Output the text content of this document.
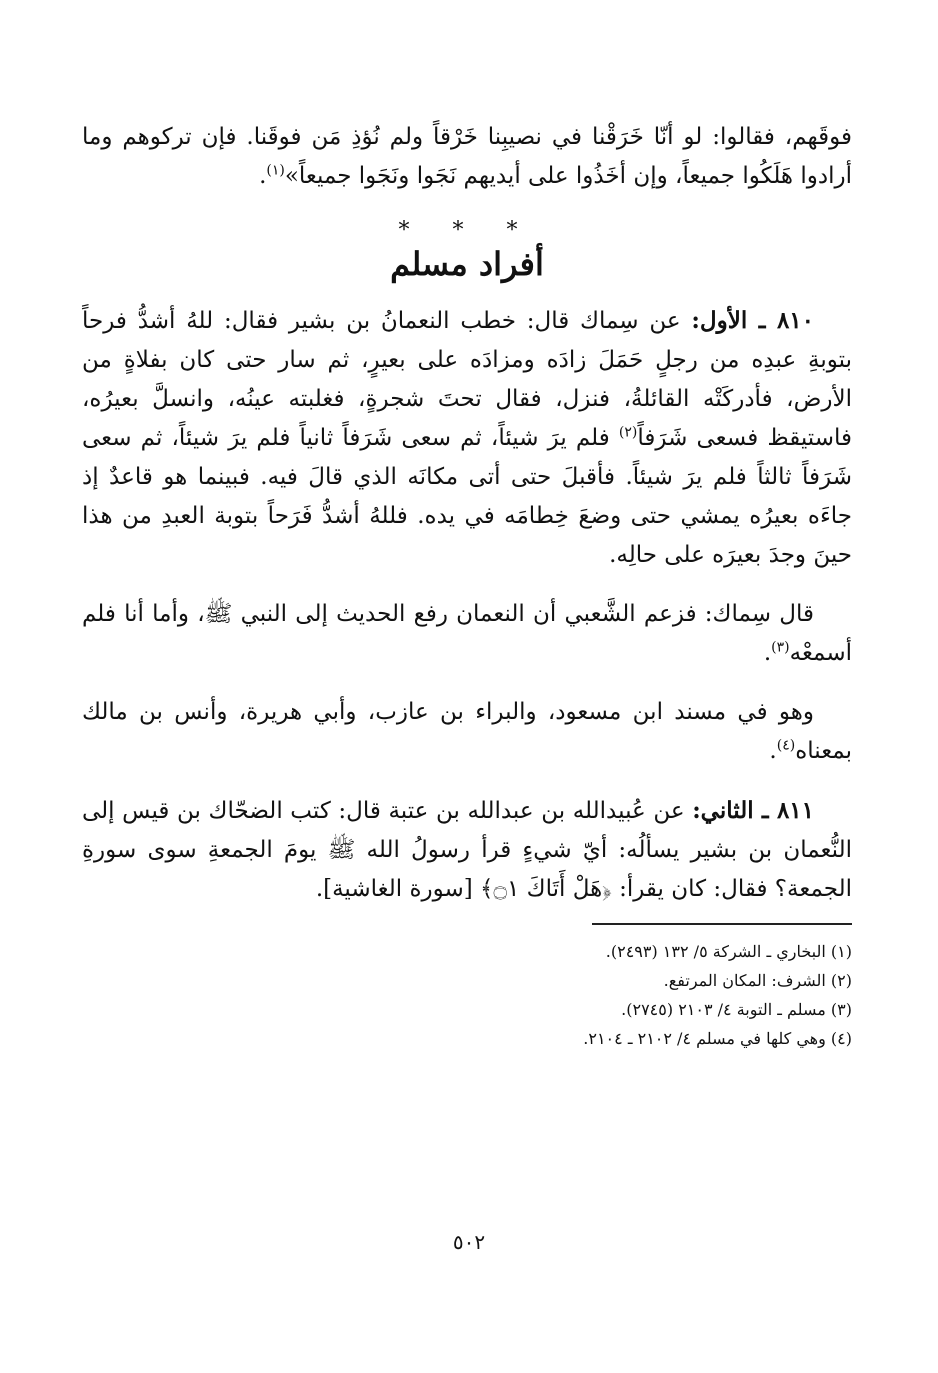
فوقَهم، فقالوا: لو أنّا خَرَقْنا في نصيبِنا خَرْقاً ولم نُؤذِ مَن فوقَنا. فإن تركوهم وما أرادوا هَلَكُوا جميعاً، وإن أخَذُوا على أيديهم نَجَوا ونَجَوا جميعاً»$^{(١)}$.

* * *
أفراد مسلم

٨١٠ ـ الأول: عن سِماك قال: خطب النعمانُ بن بشير فقال: للهُ أشدُّ فرحاً بتوبةِ عبدِه من رجلٍ حَمَلَ زادَه ومزادَه على بعيرٍ، ثم سار حتى كان بفلاةٍ من الأرض، فأدركَتْه القائلةُ، فنزل، فقال تحتَ شجرةٍ، فغلبته عينُه، وانسلَّ بعيرُه، فاستيقظ فسعى شَرَفاً$^{(٢)}$ فلم يرَ شيئاً، ثم سعى شَرَفاً ثانياً فلم يرَ شيئاً، ثم سعى شَرَفاً ثالثاً فلم يرَ شيئاً. فأقبلَ حتى أتى مكانَه الذي قالَ فيه. فبينما هو قاعدٌ إذ جاءَه بعيرُه يمشي حتى وضعَ خِطامَه في يده. فللهُ أشدُّ فَرَحاً بتوبة العبدِ من هذا حينَ وجدَ بعيرَه على حالِه.

قال سِماك: فزعم الشَّعبي أن النعمان رفع الحديث إلى النبي ﷺ، وأما أنا فلم أسمعْه$^{(٣)}$.

وهو في مسند ابن مسعود، والبراء بن عازب، وأبي هريرة، وأنس بن مالك بمعناه$^{(٤)}$.

٨١١ ـ الثاني: عن عُبيدالله بن عبدالله بن عتبة قال: كتب الضحّاك بن قيس إلى النُّعمان بن بشير يسألُه: أيّ شيءٍ قرأ رسولُ الله ﷺ يومَ الجمعةِ سوى سورةِ الجمعة؟ فقال: كان يقرأ: ﴿هَلْ أَتَاكَ ۝١﴾ [سورة الغاشية].

(١) البخاري ـ الشركة ٥/ ١٣٢ (٢٤٩٣).

(٢) الشرف: المكان المرتفع.

(٣) مسلم ـ التوبة ٤/ ٢١٠٣ (٢٧٤٥).

(٤) وهي كلها في مسلم ٤/ ٢١٠٢ ـ ٢١٠٤.

٥٠٢
